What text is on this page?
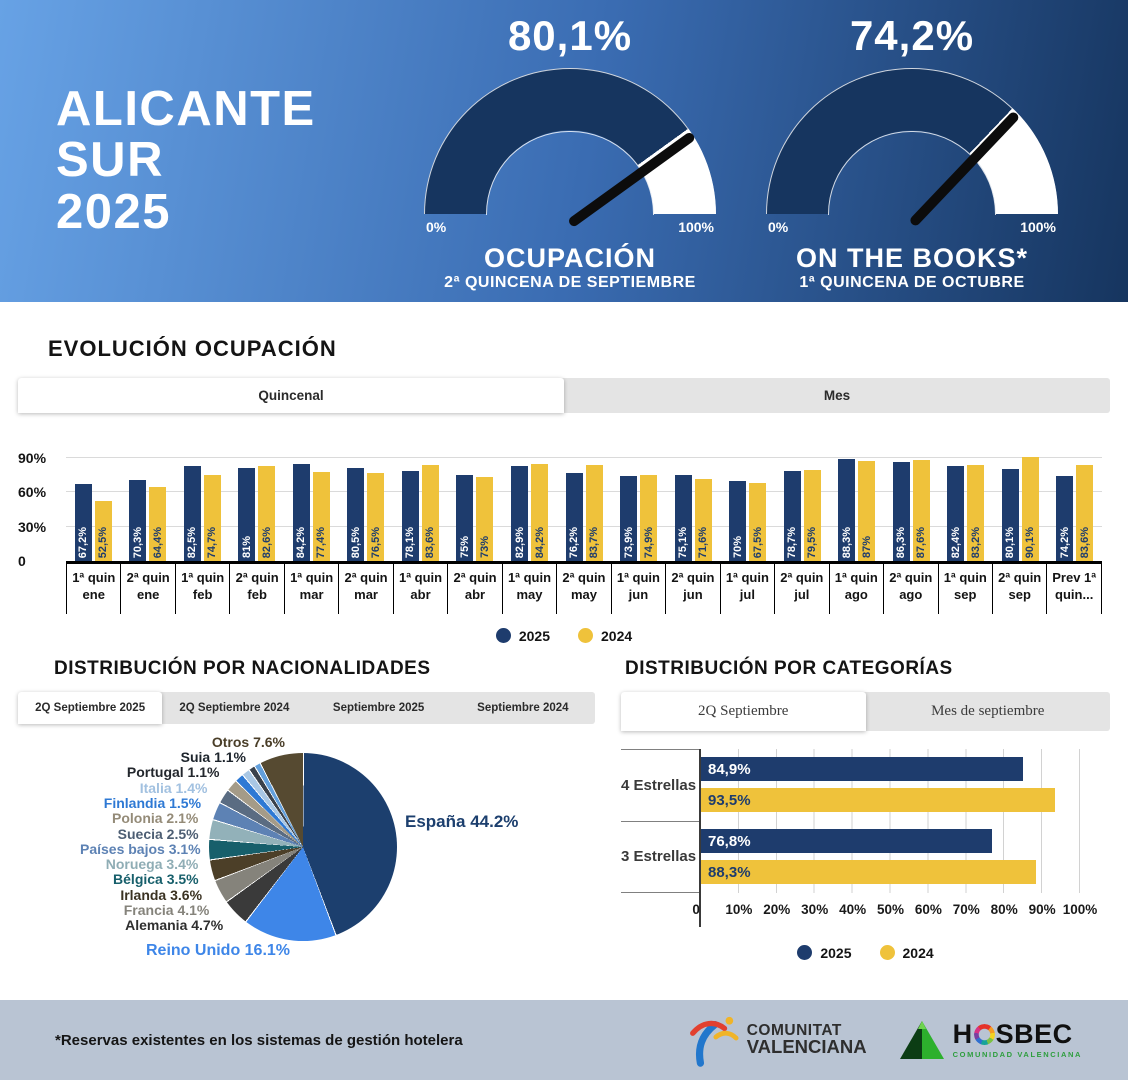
ALICANTE
SUR
2025
80,1%
0%	100%
OCUPACIÓN
2ª QUINCENA DE SEPTIEMBRE
74,2%
0%	100%
ON THE BOOKS*
1ª QUINCENA DE OCTUBRE
EVOLUCIÓN OCUPACIÓN
Quincenal	Mes
90%
60%
30%
0
67,2% 52,5% 70,3% 64,4% 82,5% 74,7% 81% 82,6% 84,2% 77,4% 80,5% 76,5% 78,1% 83,6% 75% 73% 82,9% 84,2% 76,2% 83,7% 73,9% 74,9% 75,1% 71,6% 70% 67,5% 78,7% 79,5% 88,3% 87% 86,3% 87,6% 82,4% 83,2% 80,1% 90,1% 74,2% 83,6%
1ª quin
ene
2ª quin
ene
1ª quin
feb
2ª quin
feb
1ª quin
mar
2ª quin
mar
1ª quin
abr
2ª quin
abr
1ª quin
may
2ª quin
may
1ª quin
jun
2ª quin
jun
1ª quin
jul
2ª quin
jul
1ª quin
ago
2ª quin
ago
1ª quin
sep
2ª quin
sep
Prev 1ª
quin...
2025	2024
DISTRIBUCIÓN POR NACIONALIDADES
2Q Septiembre 2025	2Q Septiembre 2024	Septiembre 2025	Septiembre 2024
España 44.2%
Reino Unido 16.1%
Alemania 4.7%
Francia 4.1%
Irlanda 3.6%
Bélgica 3.5%
Noruega 3.4%
Países bajos 3.1%
Suecia 2.5%
Polonia 2.1%
Finlandia 1.5%
Italia 1.4%
Portugal 1.1%
Suia 1.1%
Otros 7.6%
DISTRIBUCIÓN POR CATEGORÍAS
2Q Septiembre	Mes de septiembre
4 Estrellas
3 Estrellas
84,9%
93,5%
76,8%
88,3%
0 10% 20% 30% 40% 50% 60% 70% 80% 90% 100%
2025	2024
*Reservas existentes en los sistemas de gestión hotelera
COMUNITAT
VALENCIANA	H SBEC
COMUNIDAD VALENCIANA
